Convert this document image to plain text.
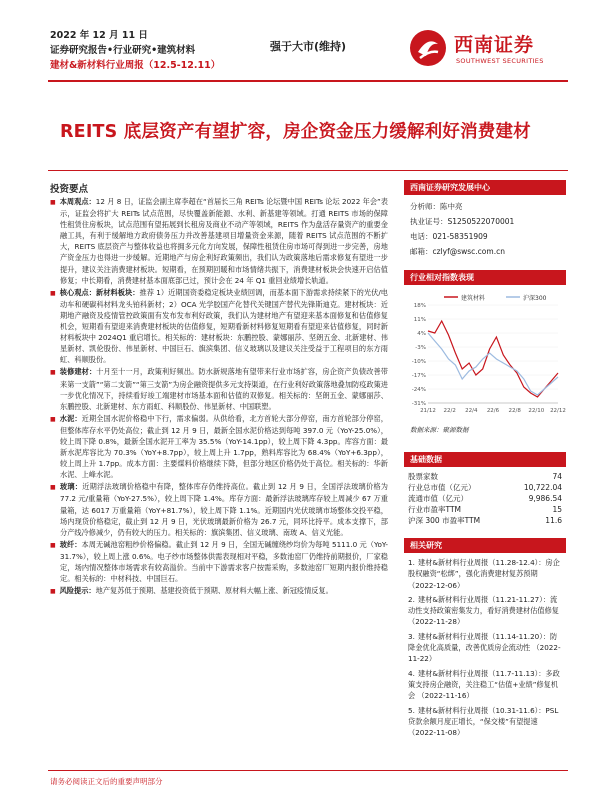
2022 年 12 月 11 日
证券研究报告•行业研究•建筑材料
建材&新材料行业周报（12.5-12.11）
强于大市(维持)	西南证券
SOUTHWEST SECURITIES
REITS 底层资产有望扩容，房企资金压力缓解利好消费建材
投资要点

■ 本周观点：12 月 8 日，证监会副主席李超在“首届长三角 REITs 论坛暨中国 REITs 论坛 2022 年会”表示，证监会将扩大 REITs 试点范围，尽快覆盖新能源、水利、新基建等领域。打通 REITS 市场的保障性租赁住房板块，试点范围有望拓展到长租房及商业不动产等领域，REITS 作为盘活存量资产的重要金融工具，有利于缓解地方政府债务压力并改善基建项目增量资金来源，随着 REITS 试点范围的不断扩大，REITS 底层资产与整体收益也将拥多元化方向发展，保障性租赁住房市场可得到进一步完善，房地产资金压力也得进一步缓解。近期地产与房企利好政策频出，我们认为政策落地后需求修复有望进一步提升，建议关注消费建材板块。短期看，在预期回暖和市场情绪共振下，消费建材板块会快速开启估值修复；中长期看，消费建材基本面底部已过，预计会在 24 年 Q1 重回业绩增长轨道。

■ 核心观点：新材料板块：推荐 1）近期国资委稳定板块业绩回调，而基本面下游需求持续紧下的光伏/电动车和硬碳科材料龙头铂科新材；2）OCA 光学胶国产化替代关键国产替代先锋斯迪克。建材板块：近期地产融资及疫情管控政策面有发布发布利好政策，我们认为建材地产有望迎来基本面修复和估值修复机会，短期看有望迎来消费建材板块的估值修复，短期看新材料修复短期看有望迎来估值修复，同时新材料板块中 2024Q1 重启增长。相关标的：建材板块：东鹏控股、蒙娜丽莎、坚朗五金、北新建材、伟星新材、凯伦股份、伟星新材、中国巨石、旗滨集团、信义玻璃以及建议关注受益于工程项目的东方雨虹、科顺股份。

■ 装修建材：十月至十一月，政策利好频出。防水新规落地有望带来行业市场扩容，房企资产负债改善带来第一支箭”“第二支箭”“第三支箭”为房企融资提供多元支持渠道，在行业利好政策落地叠加防疫政策进一步优化情况下，持续看好竣工端建材市场基本面和估值的双修复。相关标的：坚朗五金、蒙娜丽莎、东鹏控股、北新建材、东方雨虹、科顺股份、伟星新材、中国联塑。

■ 水泥：近期全国水泥价格稳中下行，需求偏弱。从供给看，北方首轮大部分停窑，南方首轮部分停窑，但整体库存水平仍处高位；截止到 12 月 9 日，最新全国水泥价格达到每吨 397.0 元（YoY-25.0%），较上周下降 0.8%，最新全国水泥开工率为 35.5%（YoY-14.1pp），较上周下降 4.3pp。库容方面：最新水泥库容比为 70.3%（YoY+8.7pp），较上周上升 1.7pp，熟料库容比为 68.4%（YoY+6.3pp），较上周上升 1.7pp。成本方面：主要煤料价格继续下降，但部分地区价格仍处于高位。相关标的：华新水泥、上峰水泥。

■ 玻璃：近期浮法玻璃价格稳中有降，整体库存仍维持高位。截止到 12 月 9 日，全国浮法玻璃价格为 77.2 元/重量箱（YoY-27.5%），较上周下降 1.4%。库存方面：最新浮法玻璃库存较上周减少 67 万重量箱，达 6017 万重量箱（YoY+81.7%），较上周下降 1.1%。近期国内光伏玻璃市场整体交投平稳，场内现货价格稳定，截止到 12 月 9 日，光伏玻璃最新价格为 26.7 元，同环比持平。成本支撑下，部分产线冷修减少，仍有较大的压力。相关标的：旗滨集团、信义玻璃、南玻 A、信义光能。

■ 玻纤：本周无碱池窑粗纱价格偏稳。截止到 12 月 9 日，全国无碱缠绕纱均价为每吨 5111.0 元（YoY-31.7%），较上周上涨 0.6%。电子纱市场整体供需表现相对平稳，多数池窑厂仍维持前期报价，厂家稳定，场内情况整体市场需求有较高溢价。当前中下游需求客户按需采购，多数池窑厂短期内报价维持稳定。相关标的：中材科技、中国巨石。

■ 风险提示：地产复苏低于预期、基建投资低于预期、原材料大幅上涨、新冠疫情反复。

西南证券研究发展中心
分析师：陈中亮
执业证号：S1250522070001
电话：021-58351909
邮箱：czlyf@swsc.com.cn
行业相对指数表现
建筑材料	沪深300
18%
11%
4%
-3%
-10%
-17%
-24%
-31%
21/12 22/2 22/4 22/6 22/8 22/10 22/12
数据来源：聚源数据
基础数据
股票家数	74
行业总市值（亿元）	10,722.04
流通市值（亿元）	9,986.54
行业市盈率TTM	15
沪深 300 市盈率TTM	11.6
相关研究
1. 建材&新材料行业周报（11.28-12.4）：房企股权融资“松绑”，强化消费建材复苏预期 （2022-12-06）
2. 建材&新材料行业周报（11.21-11.27）：流动性支持政策密集发力，看好消费建材估值修复 （2022-11-28）
3. 建材&新材料行业周报（11.14-11.20）：防降金优化高质量，改善优质房企流动性 （2022-11-22）
4. 建材&新材料行业周报（11.7-11.13）：多政策支持房企融资，关注稳工“估值+业绩”修复机会 （2022-11-16）
5. 建材&新材料行业周报（10.31-11.6）：PSL 贷款余额月度正增长，“保交楼”有望提速 （2022-11-08）
请务必阅读正文后的重要声明部分
